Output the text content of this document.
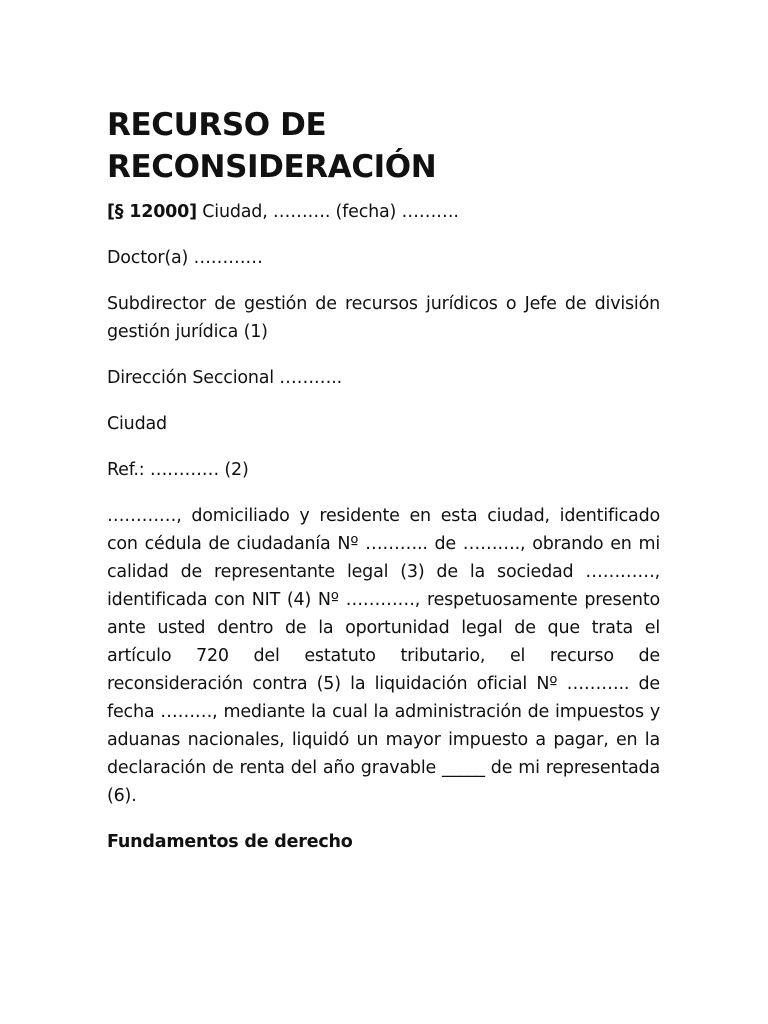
RECURSO DE
RECONSIDERACIÓN

[§ 12000] Ciudad, ………. (fecha) ……….

Doctor(a) …………

Subdirector de gestión de recursos jurídicos o Jefe de división gestión jurídica (1)

Dirección Seccional ………..

Ciudad

Ref.: ………… (2)

…………, domiciliado y residente en esta ciudad, identificado con cédula de ciudadanía Nº ……….. de ………., obrando en mi calidad de representante legal (3) de la sociedad …………, identificada con NIT (4) Nº …………, respetuosamente presento ante usted dentro de la oportunidad legal de que trata el artículo 720 del estatuto tributario, el recurso de reconsideración contra (5) la liquidación oficial Nº ……….. de fecha ………, mediante la cual la administración de impuestos y aduanas nacionales, liquidó un mayor impuesto a pagar, en la declaración de renta del año gravable _____ de mi representada (6).

Fundamentos de derecho
